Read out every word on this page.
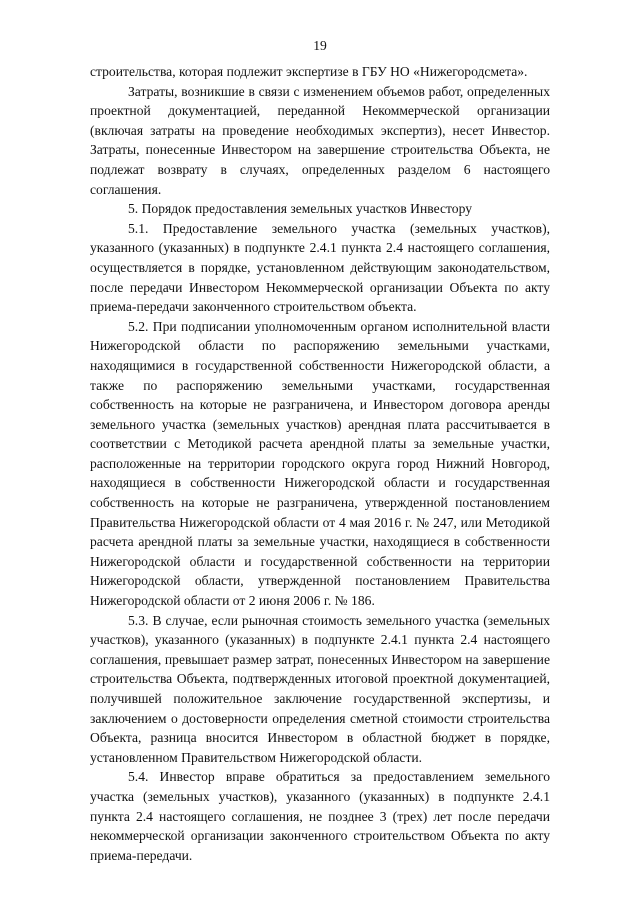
19

строительства, которая подлежит экспертизе в ГБУ НО «Нижегородсмета».

Затраты, возникшие в связи с изменением объемов работ, определенных проектной документацией, переданной Некоммерческой организации (включая затраты на проведение необходимых экспертиз), несет Инвестор. Затраты, понесенные Инвестором на завершение строительства Объекта, не подлежат возврату в случаях, определенных разделом 6 настоящего соглашения.

5. Порядок предоставления земельных участков Инвестору

5.1. Предоставление земельного участка (земельных участков), указанного (указанных) в подпункте 2.4.1 пункта 2.4 настоящего соглашения, осуществляется в порядке, установленном действующим законодательством, после передачи Инвестором Некоммерческой организации Объекта по акту приема-передачи законченного строительством объекта.

5.2. При подписании уполномоченным органом исполнительной власти Нижегородской области по распоряжению земельными участками, находящимися в государственной собственности Нижегородской области, а также по распоряжению земельными участками, государственная собственность на которые не разграничена, и Инвестором договора аренды земельного участка (земельных участков) арендная плата рассчитывается в соответствии с Методикой расчета арендной платы за земельные участки, расположенные на территории городского округа город Нижний Новгород, находящиеся в собственности Нижегородской области и государственная собственность на которые не разграничена, утвержденной постановлением Правительства Нижегородской области от 4 мая 2016 г. № 247, или Методикой расчета арендной платы за земельные участки, находящиеся в собственности Нижегородской области и государственной собственности на территории Нижегородской области, утвержденной постановлением Правительства Нижегородской области от 2 июня 2006 г. № 186.

5.3. В случае, если рыночная стоимость земельного участка (земельных участков), указанного (указанных) в подпункте 2.4.1 пункта 2.4 настоящего соглашения, превышает размер затрат, понесенных Инвестором на завершение строительства Объекта, подтвержденных итоговой проектной документацией, получившей положительное заключение государственной экспертизы, и заключением о достоверности определения сметной стоимости строительства Объекта, разница вносится Инвестором в областной бюджет в порядке, установленном Правительством Нижегородской области.

5.4. Инвестор вправе обратиться за предоставлением земельного участка (земельных участков), указанного (указанных) в подпункте 2.4.1 пункта 2.4 настоящего соглашения, не позднее 3 (трех) лет после передачи некоммерческой организации законченного строительством Объекта по акту приема-передачи.
